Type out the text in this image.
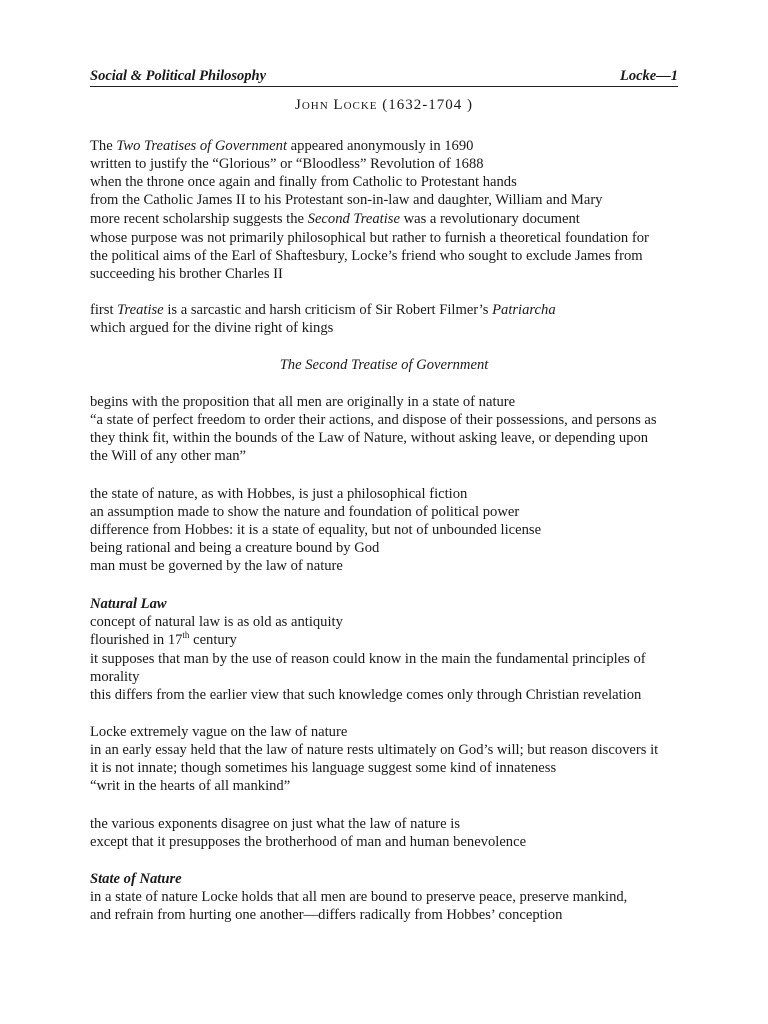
Social & Political Philosophy	Locke—1
John Locke (1632-1704 )
The Two Treatises of Government appeared anonymously in 1690
written to justify the “Glorious” or “Bloodless” Revolution of 1688
when the throne once again and finally from Catholic to Protestant hands
from the Catholic James II to his Protestant son-in-law and daughter, William and Mary
more recent scholarship suggests the Second Treatise was a revolutionary document
whose purpose was not primarily philosophical but rather to furnish a theoretical foundation for
the political aims of the Earl of Shaftesbury, Locke’s friend who sought to exclude James from
succeeding his brother Charles II
first Treatise is a sarcastic and harsh criticism of Sir Robert Filmer’s Patriarcha
which argued for the divine right of kings
The Second Treatise of Government
begins with the proposition that all men are originally in a state of nature
“a state of perfect freedom to order their actions, and dispose of their possessions, and persons as
they think fit, within the bounds of the Law of Nature, without asking leave, or depending upon
the Will of any other man”
the state of nature, as with Hobbes, is just a philosophical fiction
an assumption made to show the nature and foundation of political power
difference from Hobbes: it is a state of equality, but not of unbounded license
being rational and being a creature bound by God
man must be governed by the law of nature
Natural Law
concept of natural law is as old as antiquity
flourished in 17th century
it supposes that man by the use of reason could know in the main the fundamental principles of
morality
this differs from the earlier view that such knowledge comes only through Christian revelation
Locke extremely vague on the law of nature
in an early essay held that the law of nature rests ultimately on God’s will; but reason discovers it
it is not innate; though sometimes his language suggest some kind of innateness
“writ in the hearts of all mankind”
the various exponents disagree on just what the law of nature is
except that it presupposes the brotherhood of man and human benevolence
State of Nature
in a state of nature Locke holds that all men are bound to preserve peace, preserve mankind,
and refrain from hurting one another—differs radically from Hobbes’ conception
